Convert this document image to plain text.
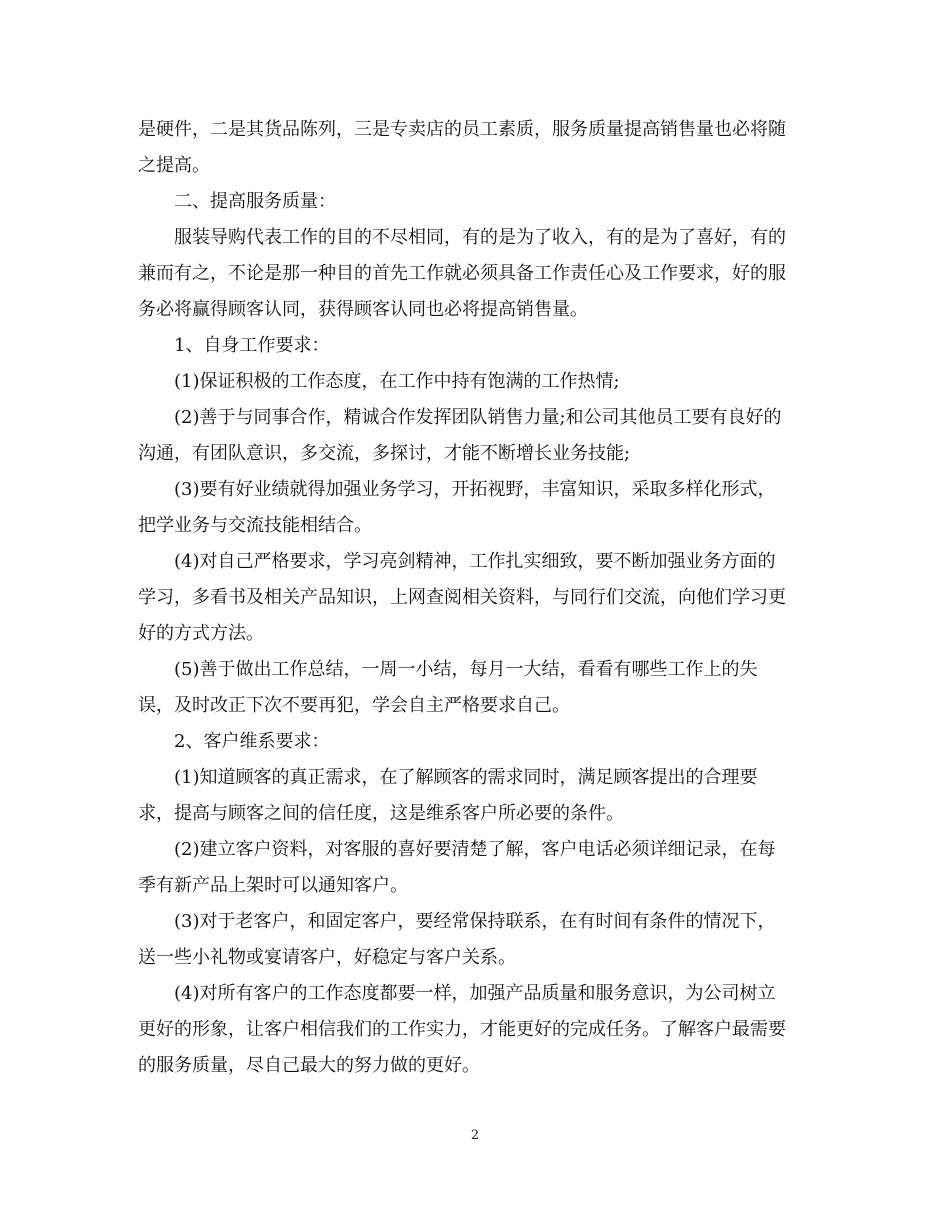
是硬件，二是其货品陈列，三是专卖店的员工素质，服务质量提高销售量也必将随
之提高。
二、提高服务质量：
服装导购代表工作的目的不尽相同，有的是为了收入，有的是为了喜好，有的
兼而有之，不论是那一种目的首先工作就必须具备工作责任心及工作要求，好的服
务必将赢得顾客认同，获得顾客认同也必将提高销售量。
1、自身工作要求：
(1)保证积极的工作态度，在工作中持有饱满的工作热情;
(2)善于与同事合作，精诚合作发挥团队销售力量;和公司其他员工要有良好的
沟通，有团队意识，多交流，多探讨，才能不断增长业务技能;
(3)要有好业绩就得加强业务学习，开拓视野，丰富知识，采取多样化形式，
把学业务与交流技能相结合。
(4)对自己严格要求，学习亮剑精神，工作扎实细致，要不断加强业务方面的
学习，多看书及相关产品知识，上网查阅相关资料，与同行们交流，向他们学习更
好的方式方法。
(5)善于做出工作总结，一周一小结，每月一大结，看看有哪些工作上的失
误，及时改正下次不要再犯，学会自主严格要求自己。
2、客户维系要求：
(1)知道顾客的真正需求，在了解顾客的需求同时，满足顾客提出的合理要
求，提高与顾客之间的信任度，这是维系客户所必要的条件。
(2)建立客户资料，对客服的喜好要清楚了解，客户电话必须详细记录，在每
季有新产品上架时可以通知客户。
(3)对于老客户，和固定客户，要经常保持联系，在有时间有条件的情况下，
送一些小礼物或宴请客户，好稳定与客户关系。
(4)对所有客户的工作态度都要一样，加强产品质量和服务意识，为公司树立
更好的形象，让客户相信我们的工作实力，才能更好的完成任务。了解客户最需要
的服务质量，尽自己最大的努力做的更好。
2
